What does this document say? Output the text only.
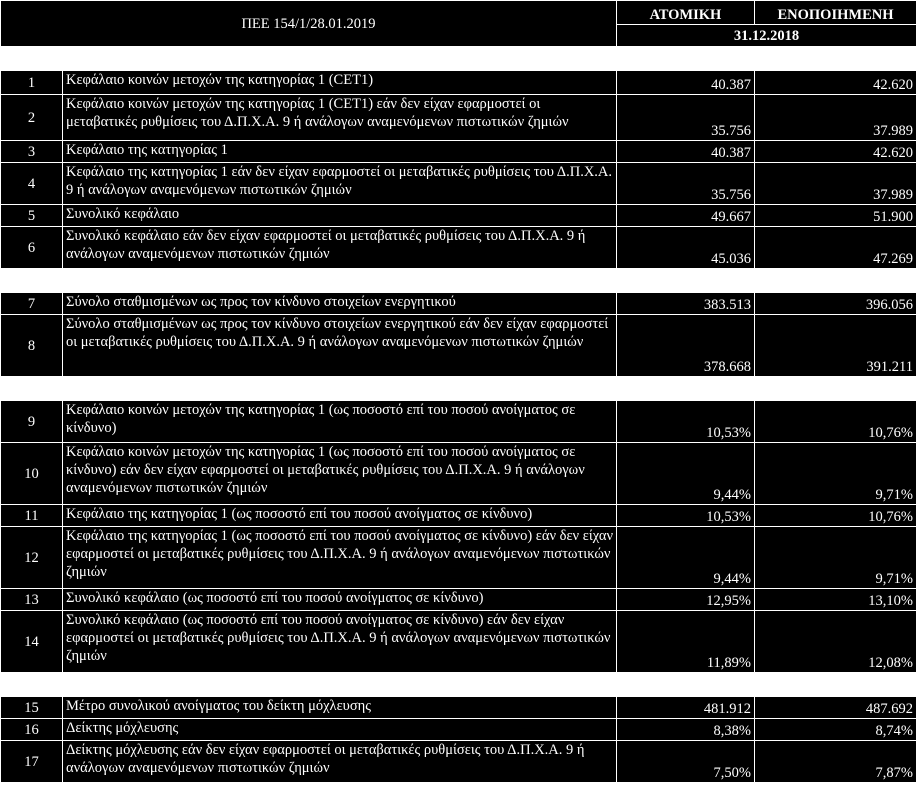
ΠΕΕ 154/1/28.01.2019		ΑΤΟΜΙΚΗ	ΕΝΟΠΟΙΗΜΕΝΗ
		31.12.2018	

1	Κεφάλαιο κοινών μετοχών της κατηγορίας 1 (CET1)	40.387	42.620
2	Κεφάλαιο κοινών μετοχών της κατηγορίας 1 (CET1) εάν δεν είχαν εφαρμοστεί οι μεταβατικές ρυθμίσεις του Δ.Π.Χ.Α. 9 ή ανάλογων αναμενόμενων πιστωτικών ζημιών	35.756	37.989
3	Κεφάλαιο της κατηγορίας 1	40.387	42.620
4	Κεφάλαιο της κατηγορίας 1 εάν δεν είχαν εφαρμοστεί οι μεταβατικές ρυθμίσεις του Δ.Π.Χ.Α. 9 ή ανάλογων αναμενόμενων πιστωτικών ζημιών	35.756	37.989
5	Συνολικό κεφάλαιο	49.667	51.900
6	Συνολικό κεφάλαιο εάν δεν είχαν εφαρμοστεί οι μεταβατικές ρυθμίσεις του Δ.Π.Χ.Α. 9 ή ανάλογων αναμενόμενων πιστωτικών ζημιών	45.036	47.269

7	Σύνολο σταθμισμένων ως προς τον κίνδυνο στοιχείων ενεργητικού	383.513	396.056
8	Σύνολο σταθμισμένων ως προς τον κίνδυνο στοιχείων ενεργητικού εάν δεν είχαν εφαρμοστεί οι μεταβατικές ρυθμίσεις του Δ.Π.Χ.Α. 9 ή ανάλογων αναμενόμενων πιστωτικών ζημιών	378.668	391.211

9	Κεφάλαιο κοινών μετοχών της κατηγορίας 1 (ως ποσοστό επί του ποσού ανοίγματος σε κίνδυνο)	10,53%	10,76%
10	Κεφάλαιο κοινών μετοχών της κατηγορίας 1 (ως ποσοστό επί του ποσού ανοίγματος σε κίνδυνο) εάν δεν είχαν εφαρμοστεί οι μεταβατικές ρυθμίσεις του Δ.Π.Χ.Α. 9 ή ανάλογων αναμενόμενων πιστωτικών ζημιών	9,44%	9,71%
11	Κεφάλαιο της κατηγορίας 1 (ως ποσοστό επί του ποσού ανοίγματος σε κίνδυνο)	10,53%	10,76%
12	Κεφάλαιο της κατηγορίας 1 (ως ποσοστό επί του ποσού ανοίγματος σε κίνδυνο) εάν δεν είχαν εφαρμοστεί οι μεταβατικές ρυθμίσεις του Δ.Π.Χ.Α. 9 ή ανάλογων αναμενόμενων πιστωτικών ζημιών	9,44%	9,71%
13	Συνολικό κεφάλαιο (ως ποσοστό επί του ποσού ανοίγματος σε κίνδυνο)	12,95%	13,10%
14	Συνολικό κεφάλαιο (ως ποσοστό επί του ποσού ανοίγματος σε κίνδυνο) εάν δεν είχαν εφαρμοστεί οι μεταβατικές ρυθμίσεις του Δ.Π.Χ.Α. 9 ή ανάλογων αναμενόμενων πιστωτικών ζημιών	11,89%	12,08%

15	Μέτρο συνολικού ανοίγματος του δείκτη μόχλευσης	481.912	487.692
16	Δείκτης μόχλευσης	8,38%	8,74%
17	Δείκτης μόχλευσης εάν δεν είχαν εφαρμοστεί οι μεταβατικές ρυθμίσεις του Δ.Π.Χ.Α. 9 ή ανάλογων αναμενόμενων πιστωτικών ζημιών	7,50%	7,87%
